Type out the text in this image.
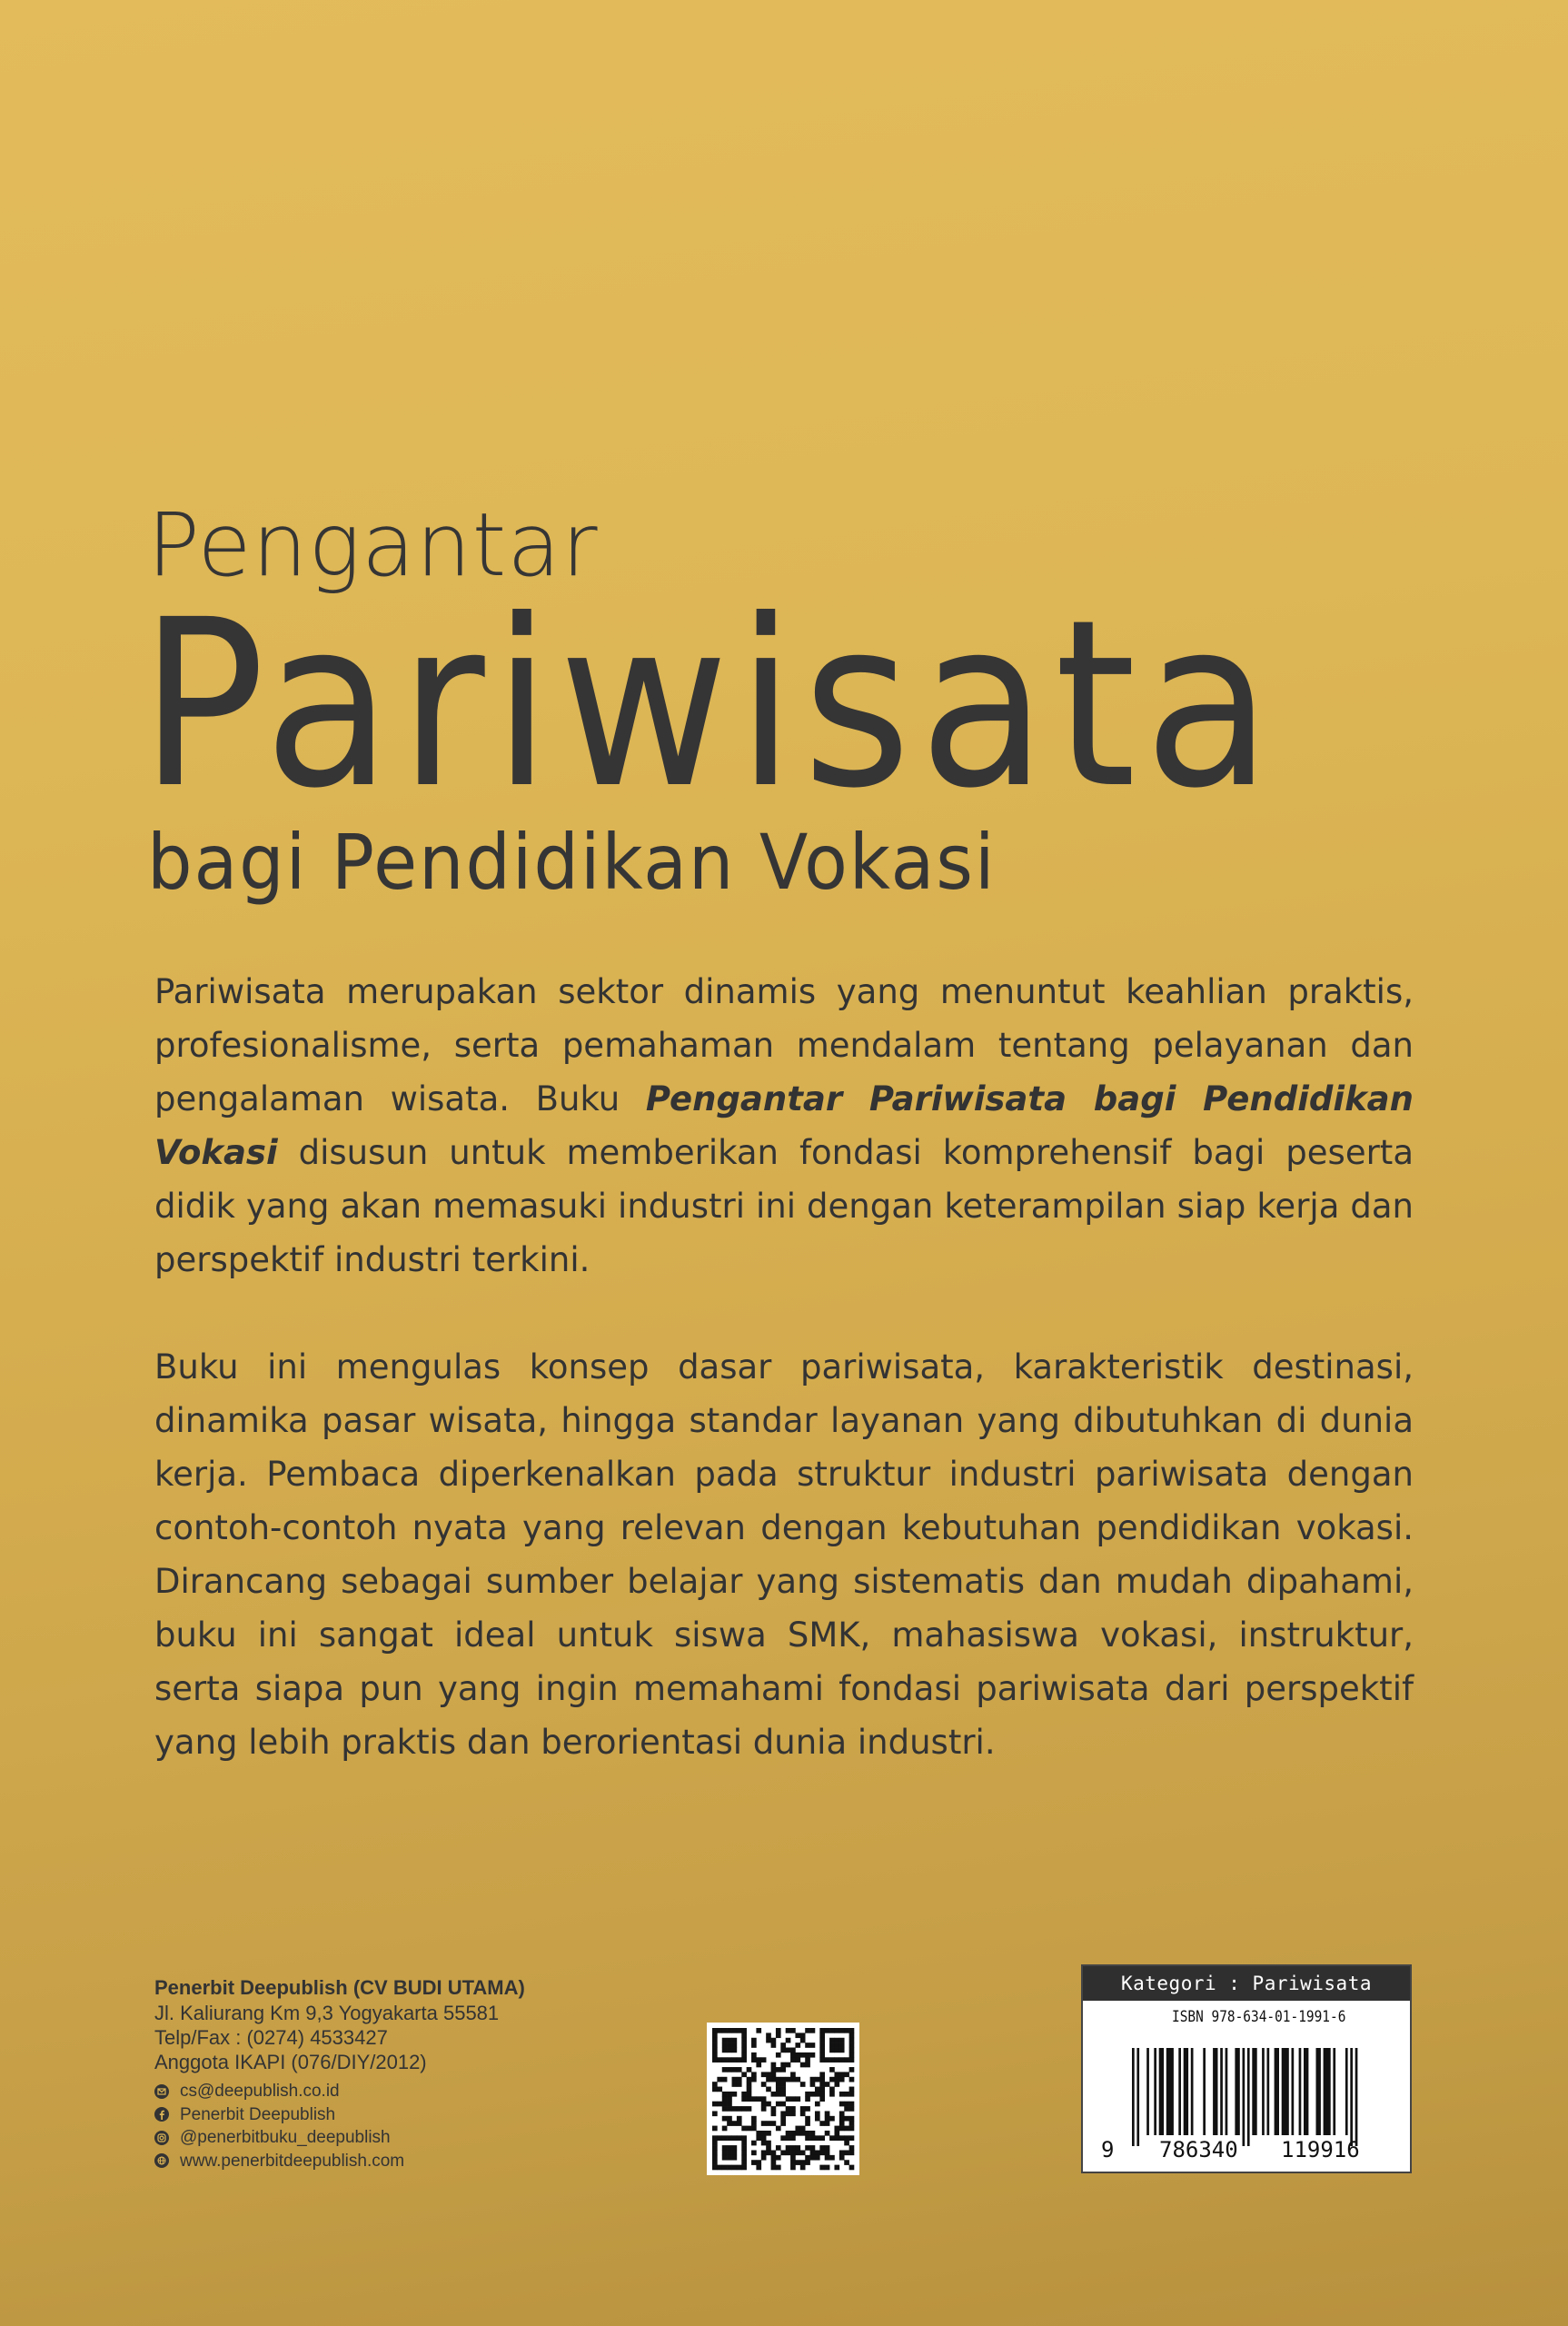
Pengantar

Pariwisata

bagi Pendidikan Vokasi

Pariwisata merupakan sektor dinamis yang menuntut keahlian praktis, profesionalisme, serta pemahaman mendalam tentang pelayanan dan pengalaman wisata. Buku Pengantar Pariwisata bagi Pendidikan Vokasi disusun untuk memberikan fondasi komprehensif bagi peserta didik yang akan memasuki industri ini dengan keterampilan siap kerja dan perspektif industri terkini.

Buku ini mengulas konsep dasar pariwisata, karakteristik destinasi, dinamika pasar wisata, hingga standar layanan yang dibutuhkan di dunia kerja. Pembaca diperkenalkan pada struktur industri pariwisata dengan contoh-contoh nyata yang relevan dengan kebutuhan pendidikan vokasi. Dirancang sebagai sumber belajar yang sistematis dan mudah dipahami, buku ini sangat ideal untuk siswa SMK, mahasiswa vokasi, instruktur, serta siapa pun yang ingin memahami fondasi pariwisata dari perspektif yang lebih praktis dan berorientasi dunia industri.

Penerbit Deepublish (CV BUDI UTAMA)

Jl. Kaliurang Km 9,3 Yogyakarta 55581

Telp/Fax : (0274) 4533427

Anggota IKAPI (076/DIY/2012)

cs@deepublish.co.id
Penerbit Deepublish
@penerbitbuku_deepublish
www.penerbitdeepublish.com
Kategori : Pariwisata
ISBN 978-634-01-1991-6
9 786340 119916
